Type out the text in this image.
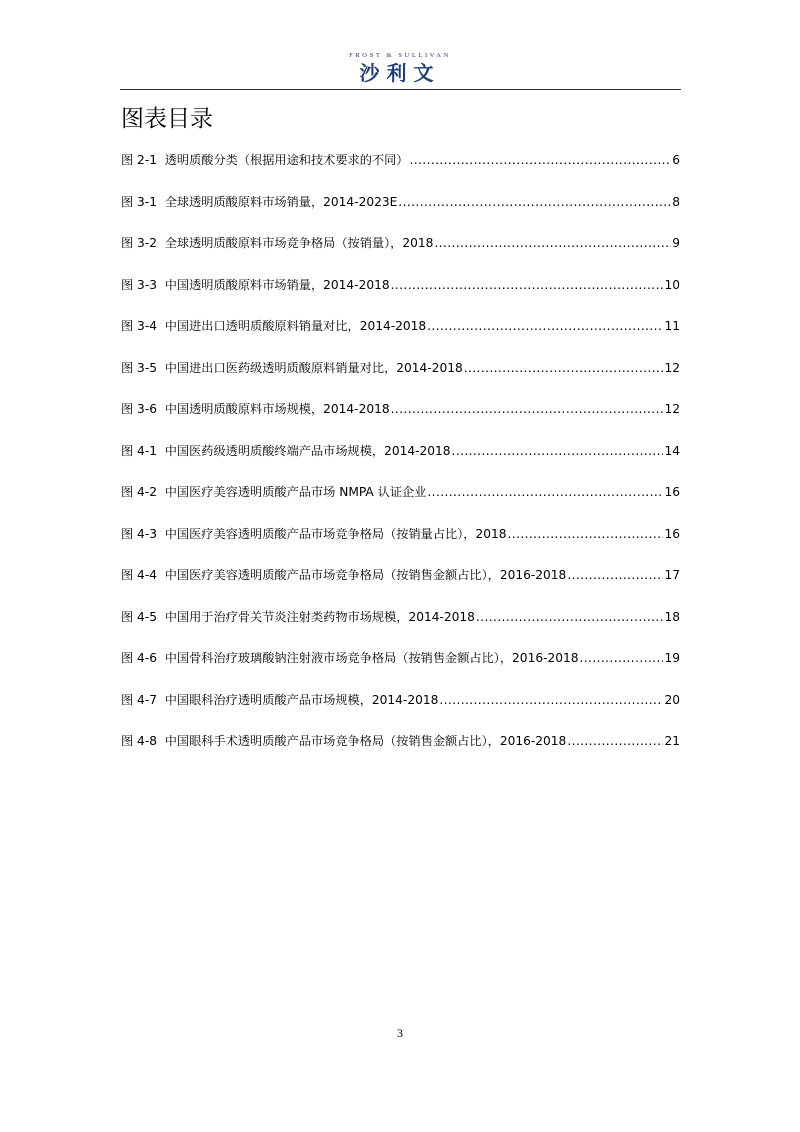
FROST & SULLIVAN
沙利文
图表目录
图 2-1 透明质酸分类（根据用途和技术要求的不同） .....	6
图 3-1 全球透明质酸原料市场销量，2014-2023E .....	8
图 3-2 全球透明质酸原料市场竞争格局（按销量），2018 .....	9
图 3-3 中国透明质酸原料市场销量，2014-2018 .....	10
图 3-4 中国进出口透明质酸原料销量对比，2014-2018 .....	11
图 3-5 中国进出口医药级透明质酸原料销量对比，2014-2018 .....	12
图 3-6 中国透明质酸原料市场规模，2014-2018 .....	12
图 4-1 中国医药级透明质酸终端产品市场规模，2014-2018 .....	14
图 4-2 中国医疗美容透明质酸产品市场 NMPA 认证企业 .....	16
图 4-3 中国医疗美容透明质酸产品市场竞争格局（按销量占比），2018 .....	16
图 4-4 中国医疗美容透明质酸产品市场竞争格局（按销售金额占比），2016-2018 .....	17
图 4-5 中国用于治疗骨关节炎注射类药物市场规模，2014-2018 .....	18
图 4-6 中国骨科治疗玻璃酸钠注射液市场竞争格局（按销售金额占比），2016-2018 .....	19
图 4-7 中国眼科治疗透明质酸产品市场规模，2014-2018 .....	20
图 4-8 中国眼科手术透明质酸产品市场竞争格局（按销售金额占比），2016-2018 .....	21
3
